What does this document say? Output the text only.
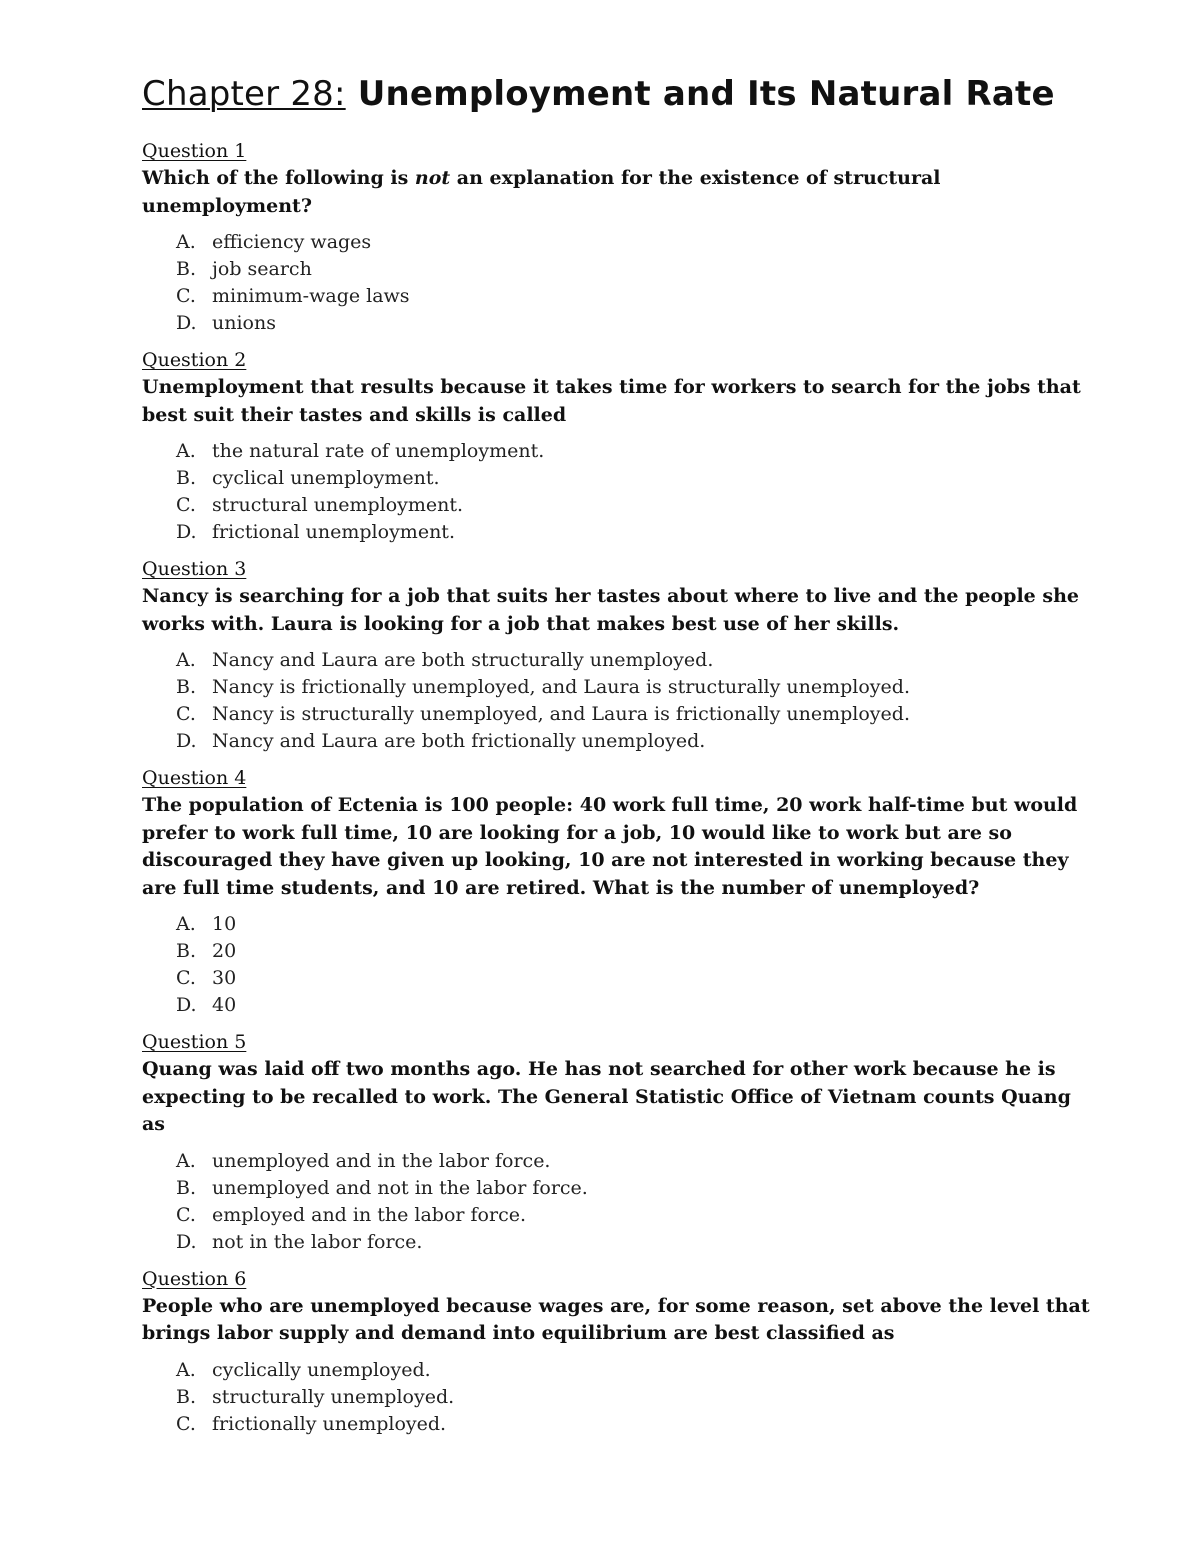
Chapter 28: Unemployment and Its Natural Rate
Question 1

Which of the following is not an explanation for the existence of structural unemployment?

A. efficiency wages
B. job search
C. minimum-wage laws
D. unions
Question 2

Unemployment that results because it takes time for workers to search for the jobs that best suit their tastes and skills is called

A. the natural rate of unemployment.
B. cyclical unemployment.
C. structural unemployment.
D. frictional unemployment.
Question 3

Nancy is searching for a job that suits her tastes about where to live and the people she works with. Laura is looking for a job that makes best use of her skills.

A. Nancy and Laura are both structurally unemployed.
B. Nancy is frictionally unemployed, and Laura is structurally unemployed.
C. Nancy is structurally unemployed, and Laura is frictionally unemployed.
D. Nancy and Laura are both frictionally unemployed.
Question 4

The population of Ectenia is 100 people: 40 work full time, 20 work half-time but would prefer to work full time, 10 are looking for a job, 10 would like to work but are so discouraged they have given up looking, 10 are not interested in working because they are full time students, and 10 are retired. What is the number of unemployed?

A. 10
B. 20
C. 30
D. 40
Question 5

Quang was laid off two months ago. He has not searched for other work because he is expecting to be recalled to work. The General Statistic Office of Vietnam counts Quang as

A. unemployed and in the labor force.
B. unemployed and not in the labor force.
C. employed and in the labor force.
D. not in the labor force.
Question 6

People who are unemployed because wages are, for some reason, set above the level that brings labor supply and demand into equilibrium are best classified as

A. cyclically unemployed.
B. structurally unemployed.
C. frictionally unemployed.
